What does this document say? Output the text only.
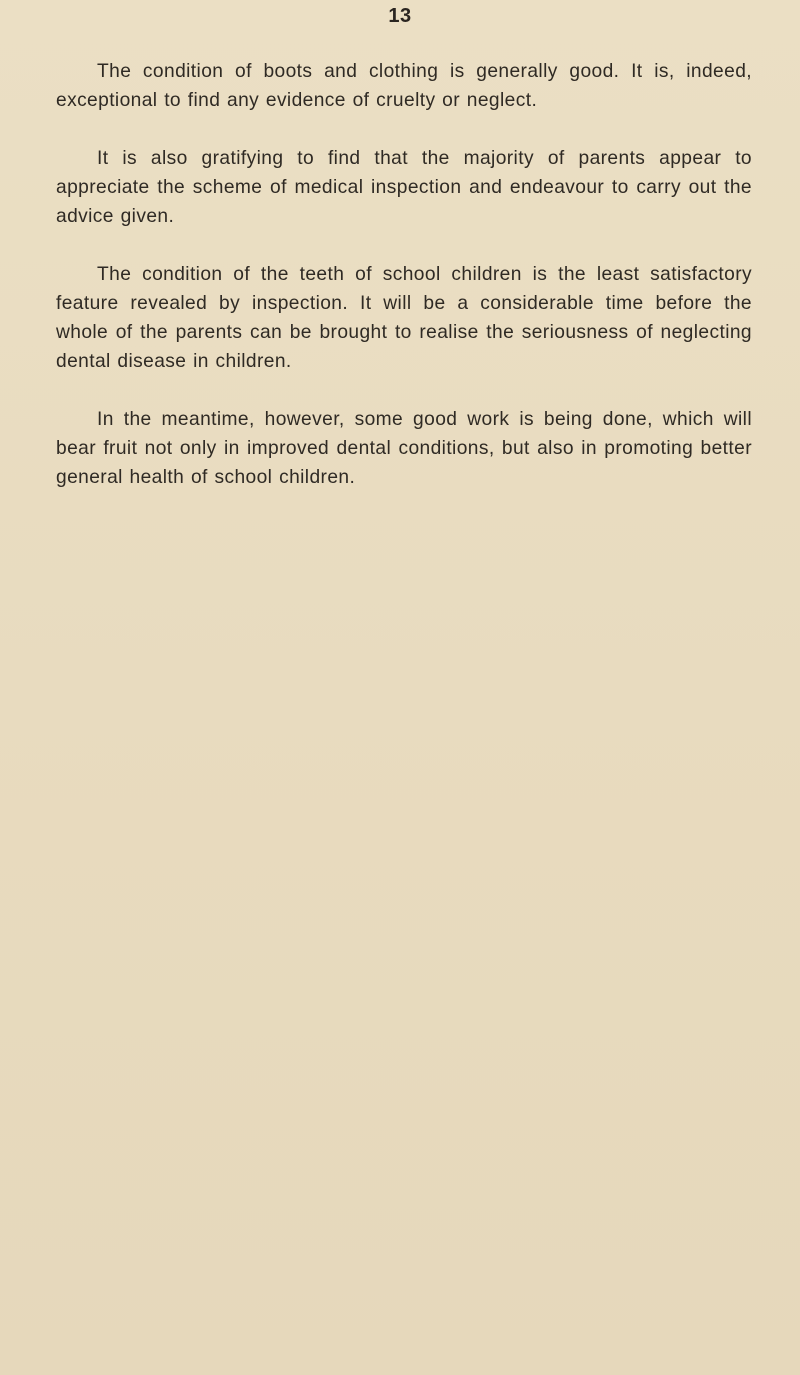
13

The condition of boots and clothing is generally good. It is, indeed, exceptional to find any evidence of cruelty or neglect.

It is also gratifying to find that the majority of parents appear to appreciate the scheme of medical inspection and endeavour to carry out the advice given.

The condition of the teeth of school children is the least satisfactory feature revealed by inspection. It will be a considerable time before the whole of the parents can be brought to realise the seriousness of neglecting dental disease in children.

In the meantime, however, some good work is being done, which will bear fruit not only in improved dental conditions, but also in promoting better general health of school children.
